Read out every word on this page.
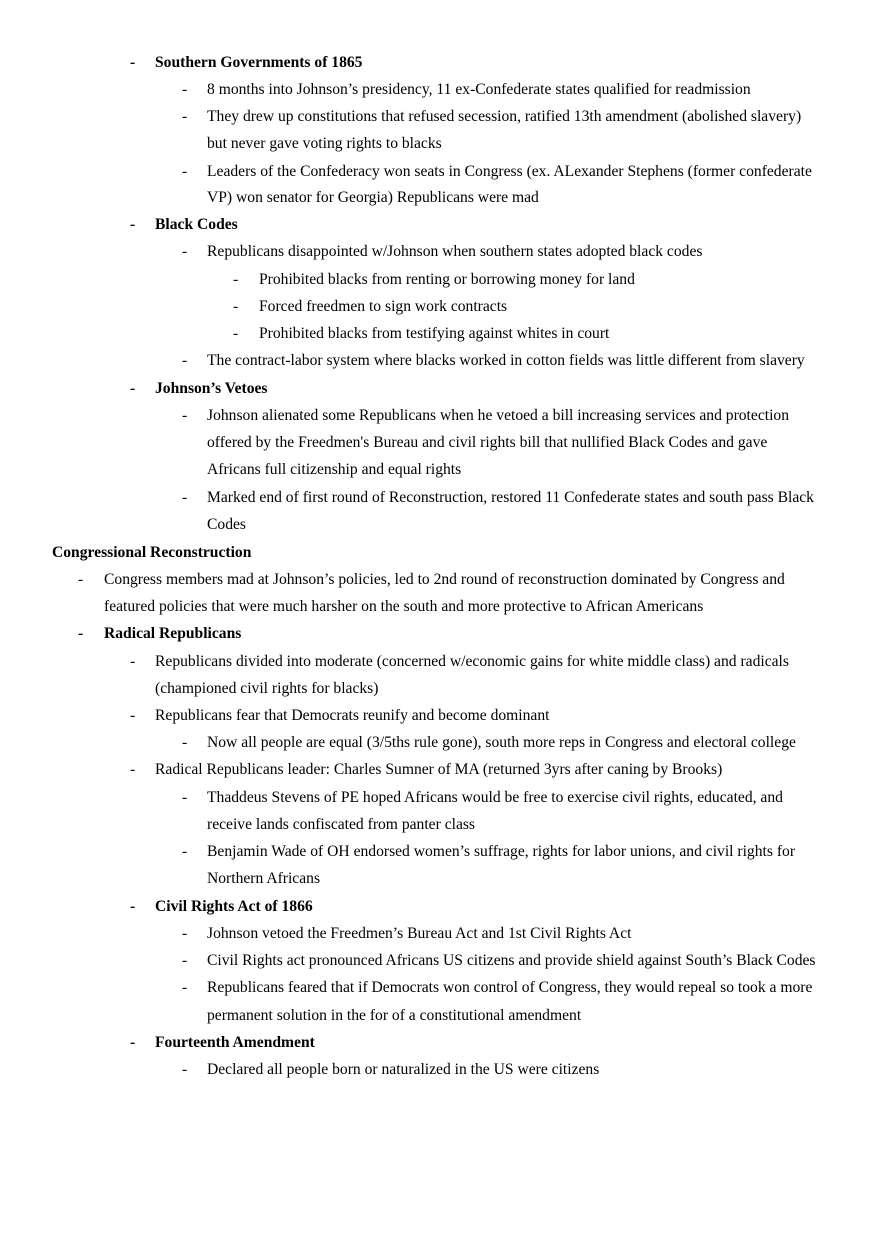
- Southern Governments of 1865
- 8 months into Johnson’s presidency, 11 ex-Confederate states qualified for readmission
- They drew up constitutions that refused secession, ratified 13th amendment (abolished slavery)
but never gave voting rights to blacks
- Leaders of the Confederacy won seats in Congress (ex. ALexander Stephens (former confederate
VP) won senator for Georgia) Republicans were mad
- Black Codes
- Republicans disappointed w/Johnson when southern states adopted black codes
- Prohibited blacks from renting or borrowing money for land
- Forced freedmen to sign work contracts
- Prohibited blacks from testifying against whites in court
- The contract-labor system where blacks worked in cotton fields was little different from slavery
- Johnson’s Vetoes
- Johnson alienated some Republicans when he vetoed a bill increasing services and protection
offered by the Freedmen's Bureau and civil rights bill that nullified Black Codes and gave
Africans full citizenship and equal rights
- Marked end of first round of Reconstruction, restored 11 Confederate states and south pass Black
Codes
Congressional Reconstruction
- Congress members mad at Johnson’s policies, led to 2nd round of reconstruction dominated by Congress and
featured policies that were much harsher on the south and more protective to African Americans
- Radical Republicans
- Republicans divided into moderate (concerned w/economic gains for white middle class) and radicals
(championed civil rights for blacks)
- Republicans fear that Democrats reunify and become dominant
- Now all people are equal (3/5ths rule gone), south more reps in Congress and electoral college
- Radical Republicans leader: Charles Sumner of MA (returned 3yrs after caning by Brooks)
- Thaddeus Stevens of PE hoped Africans would be free to exercise civil rights, educated, and
receive lands confiscated from panter class
- Benjamin Wade of OH endorsed women’s suffrage, rights for labor unions, and civil rights for
Northern Africans
- Civil Rights Act of 1866
- Johnson vetoed the Freedmen’s Bureau Act and 1st Civil Rights Act
- Civil Rights act pronounced Africans US citizens and provide shield against South’s Black Codes
- Republicans feared that if Democrats won control of Congress, they would repeal so took a more
permanent solution in the for of a constitutional amendment
- Fourteenth Amendment
- Declared all people born or naturalized in the US were citizens
